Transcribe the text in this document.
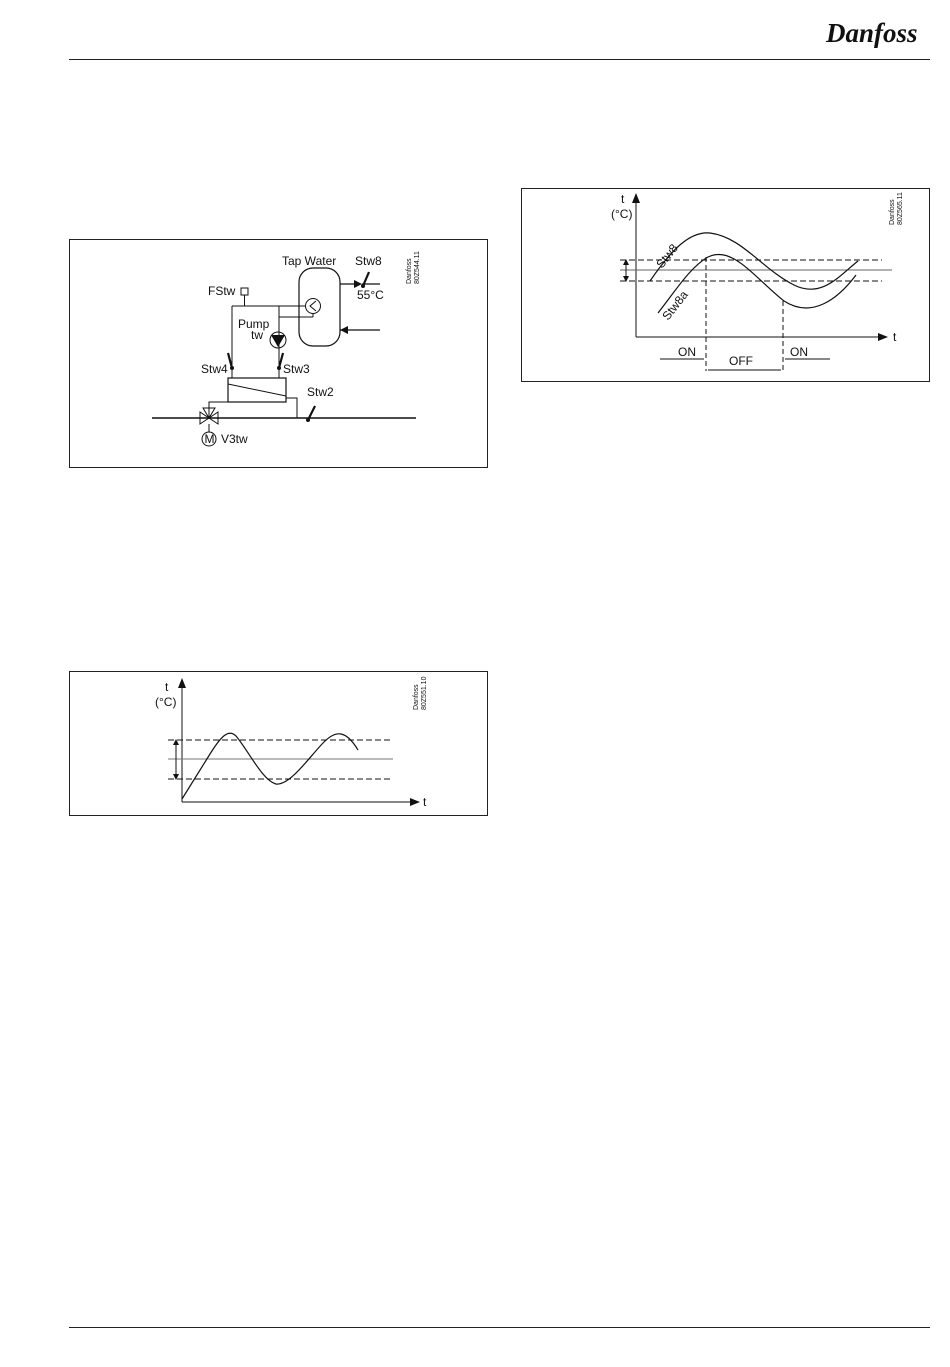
Danfoss
M
Tap Water Stw8
55°C
FStw
Pump
tw
Stw4	Stw3
Stw2
V3tw
Danfoss 80Z544.11
t
(°C)
t
Stw8
Stw8a
ON
OFF
ON
Danfoss 80Z565.11
t
(°C)
t
Danfoss 80Z551.10
